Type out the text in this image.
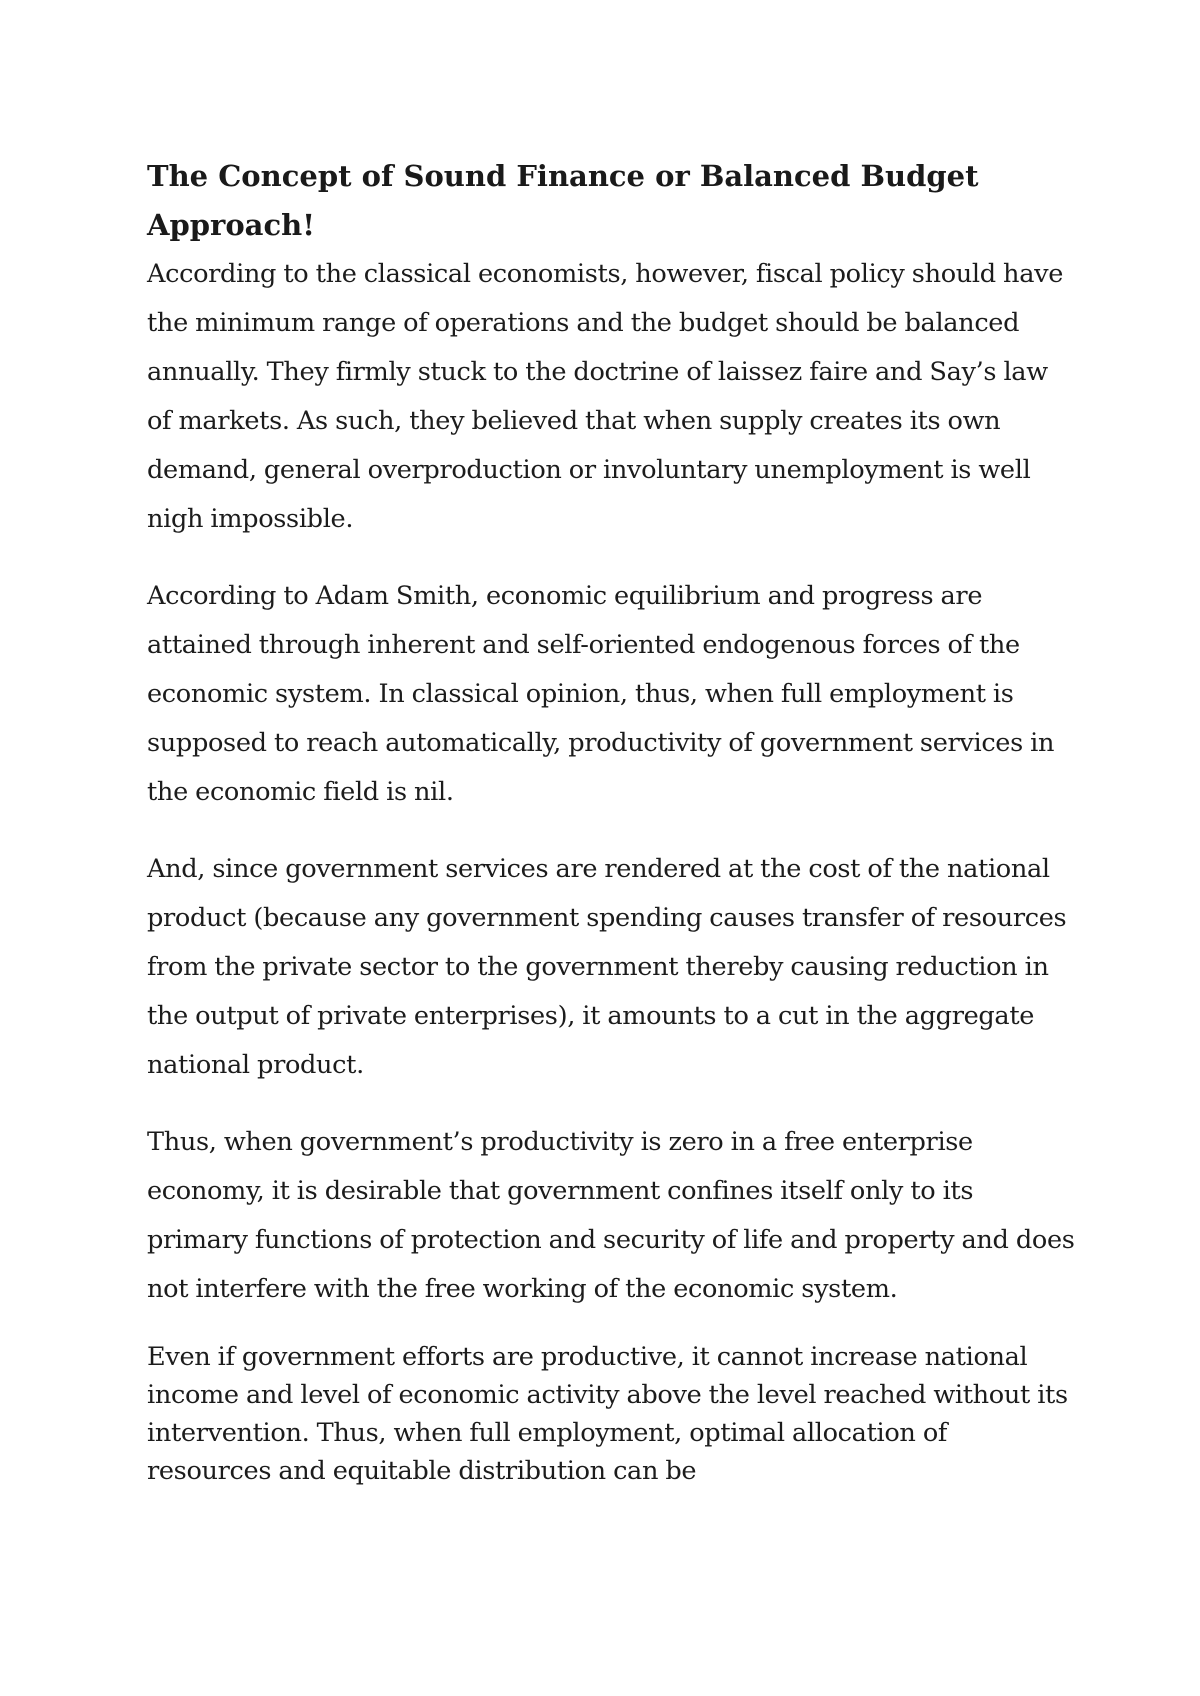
The Concept of Sound Finance or Balanced Budget Approach!

According to the classical economists, however, fiscal policy should have the minimum range of operations and the budget should be balanced annually. They firmly stuck to the doctrine of laissez faire and Say’s law of markets. As such, they believed that when supply creates its own demand, general overproduction or involuntary unemployment is well nigh impossible.

According to Adam Smith, economic equilibrium and progress are attained through inherent and self-oriented endogenous forces of the economic system. In classical opinion, thus, when full employment is supposed to reach automatically, productivity of government services in the economic field is nil.

And, since government services are rendered at the cost of the national product (because any government spending causes transfer of resources from the private sector to the government thereby causing reduction in the output of private enterprises), it amounts to a cut in the aggregate national product.

Thus, when government’s productivity is zero in a free enterprise economy, it is desirable that government confines itself only to its primary functions of protection and security of life and property and does not interfere with the free working of the economic system.

Even if government efforts are productive, it cannot increase national income and level of economic activity above the level reached without its intervention. Thus, when full employment, optimal allocation of resources and equitable distribution can be
